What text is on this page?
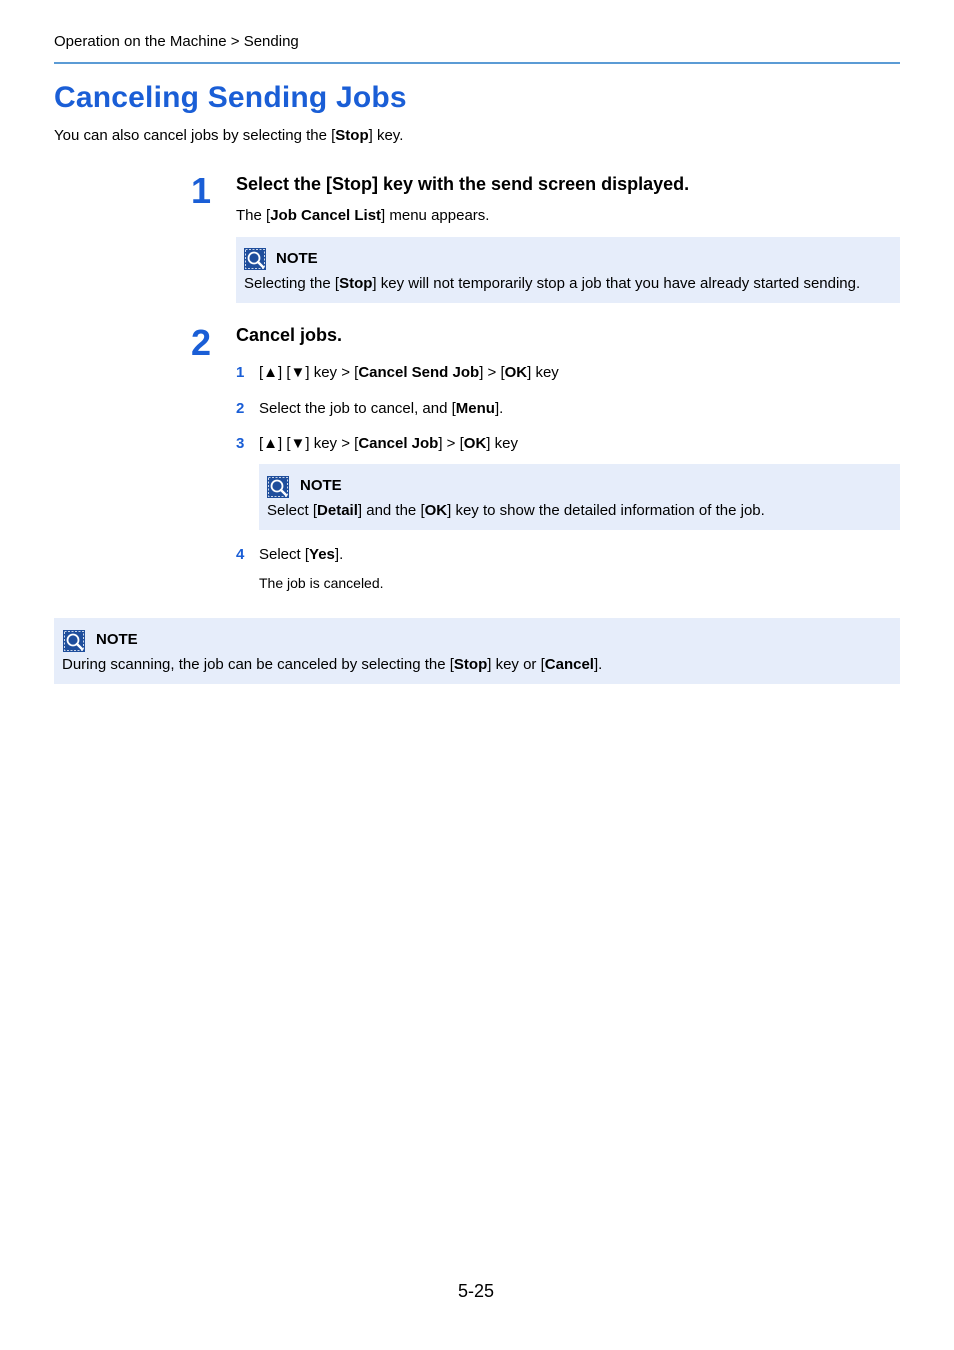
Operation on the Machine > Sending
Canceling Sending Jobs
You can also cancel jobs by selecting the [Stop] key.
1 Select the [Stop] key with the send screen displayed.
The [Job Cancel List] menu appears.
NOTE
Selecting the [Stop] key will not temporarily stop a job that you have already started sending.
2 Cancel jobs.
1 [▲] [▼] key > [Cancel Send Job] > [OK] key
2 Select the job to cancel, and [Menu].
3 [▲] [▼] key > [Cancel Job] > [OK] key
NOTE
Select [Detail] and the [OK] key to show the detailed information of the job.
4 Select [Yes].
The job is canceled.
NOTE
During scanning, the job can be canceled by selecting the [Stop] key or [Cancel].
5-25
